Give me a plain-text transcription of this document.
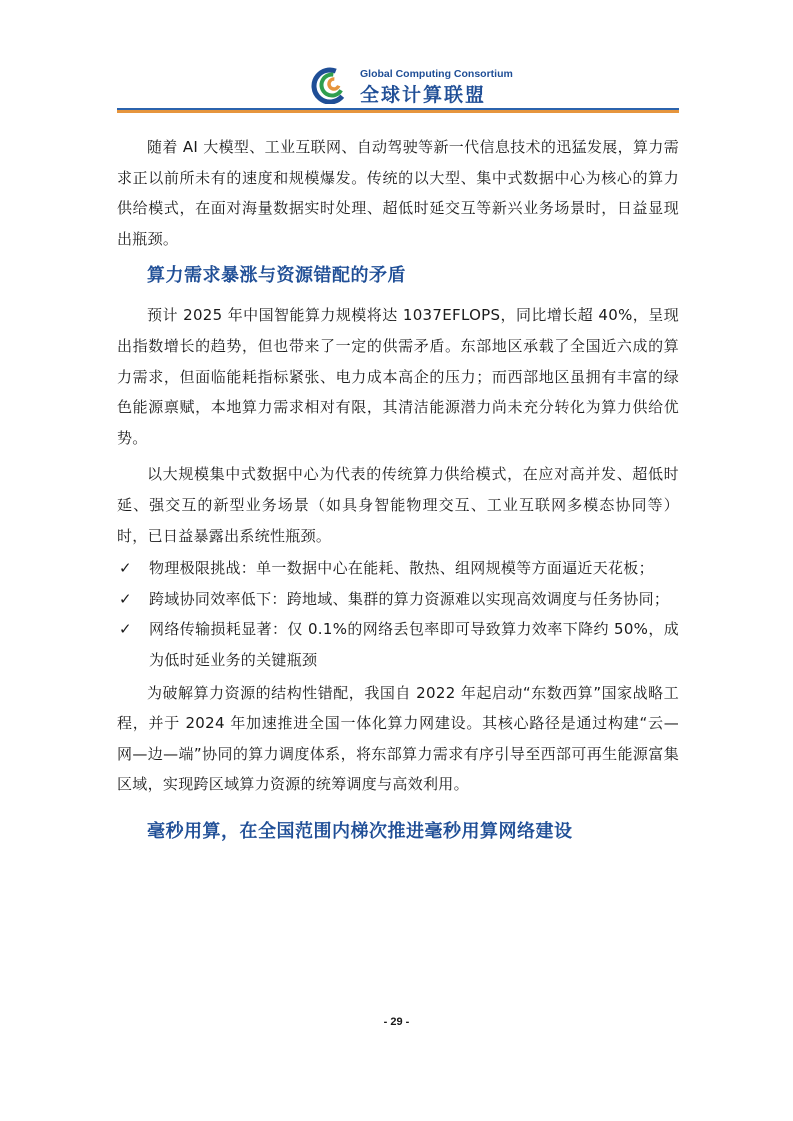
Global Computing Consortium
全球计算联盟

随着 AI 大模型、工业互联网、自动驾驶等新一代信息技术的迅猛发展，算力需求正以前所未有的速度和规模爆发。传统的以大型、集中式数据中心为核心的算力供给模式，在面对海量数据实时处理、超低时延交互等新兴业务场景时，日益显现出瓶颈。

算力需求暴涨与资源错配的矛盾

预计 2025 年中国智能算力规模将达 1037EFLOPS，同比增长超 40%，呈现出指数增长的趋势，但也带来了一定的供需矛盾。东部地区承载了全国近六成的算力需求，但面临能耗指标紧张、电力成本高企的压力；而西部地区虽拥有丰富的绿色能源禀赋，本地算力需求相对有限，其清洁能源潜力尚未充分转化为算力供给优势。

以大规模集中式数据中心为代表的传统算力供给模式，在应对高并发、超低时延、强交互的新型业务场景（如具身智能物理交互、工业互联网多模态协同等）时，已日益暴露出系统性瓶颈。

✓ 物理极限挑战：单一数据中心在能耗、散热、组网规模等方面逼近天花板；
✓ 跨域协同效率低下：跨地域、集群的算力资源难以实现高效调度与任务协同；
✓ 网络传输损耗显著：仅 0.1%的网络丢包率即可导致算力效率下降约 50%，成为低时延业务的关键瓶颈

为破解算力资源的结构性错配，我国自 2022 年起启动“东数西算”国家战略工程，并于 2024 年加速推进全国一体化算力网建设。其核心路径是通过构建“云—网—边—端”协同的算力调度体系，将东部算力需求有序引导至西部可再生能源富集区域，实现跨区域算力资源的统筹调度与高效利用。

毫秒用算，在全国范围内梯次推进毫秒用算网络建设
- 29 -
